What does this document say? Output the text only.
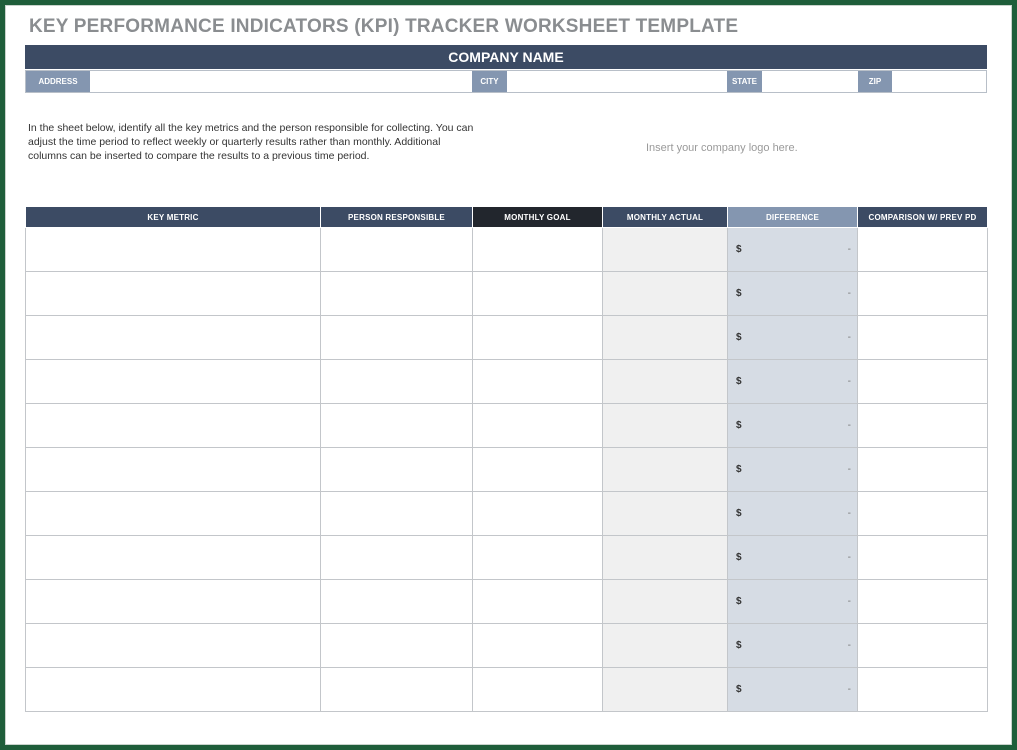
KEY PERFORMANCE INDICATORS (KPI) TRACKER WORKSHEET TEMPLATE
COMPANY NAME
ADDRESS	CITY	STATE	ZIP
In the sheet below, identify all the key metrics and the person responsible for collecting. You can adjust the time period to reflect weekly or quarterly results rather than monthly. Additional columns can be inserted to compare the results to a previous time period.
Insert your company logo here.
KEY METRIC	PERSON RESPONSIBLE	MONTHLY GOAL	MONTHLY ACTUAL	DIFFERENCE	COMPARISON W/ PREV PD

				$ -	

				$ -	

				$ -	

				$ -	

				$ -	

				$ -	

				$ -	

				$ -	

				$ -	

				$ -	

				$ -	
